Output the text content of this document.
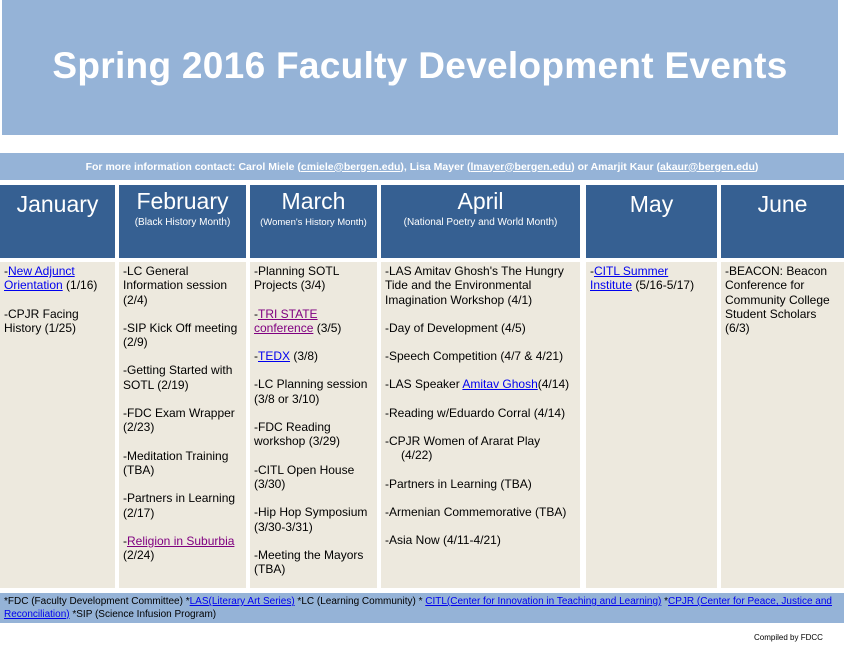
Spring 2016 Faculty Development Events
For more information contact: Carol Miele ( cmiele@bergen.edu ), Lisa Mayer ( lmayer@bergen.edu ) or Amarjit Kaur ( akaur@bergen.edu )
January	February
(Black History Month)
March
(Women's History Month)
April
(National Poetry and World Month)
May	June
-New Adjunct Orientation (1/16)
-CPJR Facing History (1/25)
-LC General Information session (2/4)
-SIP Kick Off meeting (2/9)
-Getting Started with SOTL (2/19)
-FDC Exam Wrapper (2/23)
-Meditation Training (TBA)
-Partners in Learning (2/17)
-Religion in Suburbia (2/24)
-Planning SOTL Projects (3/4)
-TRI STATE conference (3/5)
-TEDX (3/8)
-LC Planning session (3/8 or 3/10)
-FDC Reading workshop (3/29)
-CITL Open House (3/30)
-Hip Hop Symposium (3/30-3/31)
-Meeting the Mayors (TBA)
-LAS Amitav Ghosh's The Hungry Tide and the Environmental Imagination Workshop (4/1)
-Day of Development (4/5)
-Speech Competition (4/7 & 4/21)
-LAS Speaker Amitav Ghosh(4/14)
-Reading w/Eduardo Corral (4/14)
-CPJR Women of Ararat Play
(4/22)
-Partners in Learning (TBA)
-Armenian Commemorative (TBA)
-Asia Now (4/11-4/21)
-CITL Summer Institute (5/16-5/17)
-BEACON: Beacon Conference for Community College Student Scholars (6/3)
*FDC (Faculty Development Committee) *LAS(Literary Art Series) *LC (Learning Community) * CITL(Center for Innovation in Teaching and Learning) *CPJR (Center for Peace, Justice and Reconciliation) *SIP (Science Infusion Program)
Compiled by FDCC
